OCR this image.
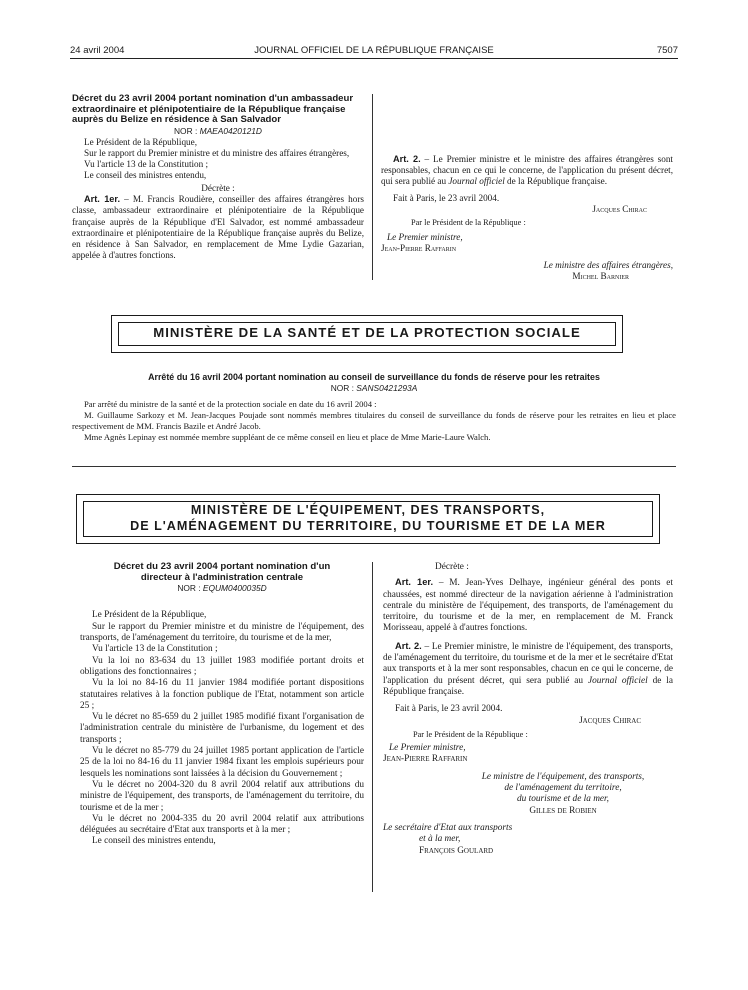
24 avril 2004	JOURNAL OFFICIEL DE LA RÉPUBLIQUE FRANÇAISE	7507

Décret du 23 avril 2004 portant nomination d'un ambassadeur extraordinaire et plénipotentiaire de la République française auprès du Belize en résidence à San Salvador

NOR : MAEA0420121D

Le Président de la République,

Sur le rapport du Premier ministre et du ministre des affaires étrangères,

Vu l'article 13 de la Constitution ;

Le conseil des ministres entendu,

Décrète :

Art. 1er. – M. Francis Roudière, conseiller des affaires étrangères hors classe, ambassadeur extraordinaire et plénipotentiaire de la République française auprès de la République d'El Salvador, est nommé ambassadeur extraordinaire et plénipotentiaire de la République française auprès du Belize, en résidence à San Salvador, en remplacement de Mme Lydie Gazarian, appelée à d'autres fonctions.

Art. 2. – Le Premier ministre et le ministre des affaires étrangères sont responsables, chacun en ce qui le concerne, de l'application du présent décret, qui sera publié au Journal officiel de la République française.

Fait à Paris, le 23 avril 2004.

Jacques Chirac

Par le Président de la République :

Le Premier ministre,

Jean-Pierre Raffarin

Le ministre des affaires étrangères,

Michel Barnier

MINISTÈRE DE LA SANTÉ ET DE LA PROTECTION SOCIALE

Arrêté du 16 avril 2004 portant nomination au conseil de surveillance du fonds de réserve pour les retraites

NOR : SANS0421293A

Par arrêté du ministre de la santé et de la protection sociale en date du 16 avril 2004 :

M. Guillaume Sarkozy et M. Jean-Jacques Poujade sont nommés membres titulaires du conseil de surveillance du fonds de réserve pour les retraites en lieu et place respectivement de MM. Francis Bazile et André Jacob.

Mme Agnès Lepinay est nommée membre suppléant de ce même conseil en lieu et place de Mme Marie-Laure Walch.

MINISTÈRE DE L'ÉQUIPEMENT, DES TRANSPORTS,
DE L'AMÉNAGEMENT DU TERRITOIRE, DU TOURISME ET DE LA MER

Décret du 23 avril 2004 portant nomination d'un directeur à l'administration centrale

NOR : EQUM0400035D

Le Président de la République,

Sur le rapport du Premier ministre et du ministre de l'équipement, des transports, de l'aménagement du territoire, du tourisme et de la mer,

Vu l'article 13 de la Constitution ;

Vu la loi no 83-634 du 13 juillet 1983 modifiée portant droits et obligations des fonctionnaires ;

Vu la loi no 84-16 du 11 janvier 1984 modifiée portant dispositions statutaires relatives à la fonction publique de l'Etat, notamment son article 25 ;

Vu le décret no 85-659 du 2 juillet 1985 modifié fixant l'organisation de l'administration centrale du ministère de l'urbanisme, du logement et des transports ;

Vu le décret no 85-779 du 24 juillet 1985 portant application de l'article 25 de la loi no 84-16 du 11 janvier 1984 fixant les emplois supérieurs pour lesquels les nominations sont laissées à la décision du Gouvernement ;

Vu le décret no 2004-320 du 8 avril 2004 relatif aux attributions du ministre de l'équipement, des transports, de l'aménagement du territoire, du tourisme et de la mer ;

Vu le décret no 2004-335 du 20 avril 2004 relatif aux attributions déléguées au secrétaire d'Etat aux transports et à la mer ;

Le conseil des ministres entendu,

Décrète :

Art. 1er. – M. Jean-Yves Delhaye, ingénieur général des ponts et chaussées, est nommé directeur de la navigation aérienne à l'administration centrale du ministère de l'équipement, des transports, de l'aménagement du territoire, du tourisme et de la mer, en remplacement de M. Franck Morisseau, appelé à d'autres fonctions.

Art. 2. – Le Premier ministre, le ministre de l'équipement, des transports, de l'aménagement du territoire, du tourisme et de la mer et le secrétaire d'Etat aux transports et à la mer sont responsables, chacun en ce qui le concerne, de l'application du présent décret, qui sera publié au Journal officiel de la République française.

Fait à Paris, le 23 avril 2004.

Jacques Chirac

Par le Président de la République :

Le Premier ministre,

Jean-Pierre Raffarin

Le ministre de l'équipement, des transports,

de l'aménagement du territoire,

du tourisme et de la mer,

Gilles de Robien

Le secrétaire d'Etat aux transports

et à la mer,

François Goulard
